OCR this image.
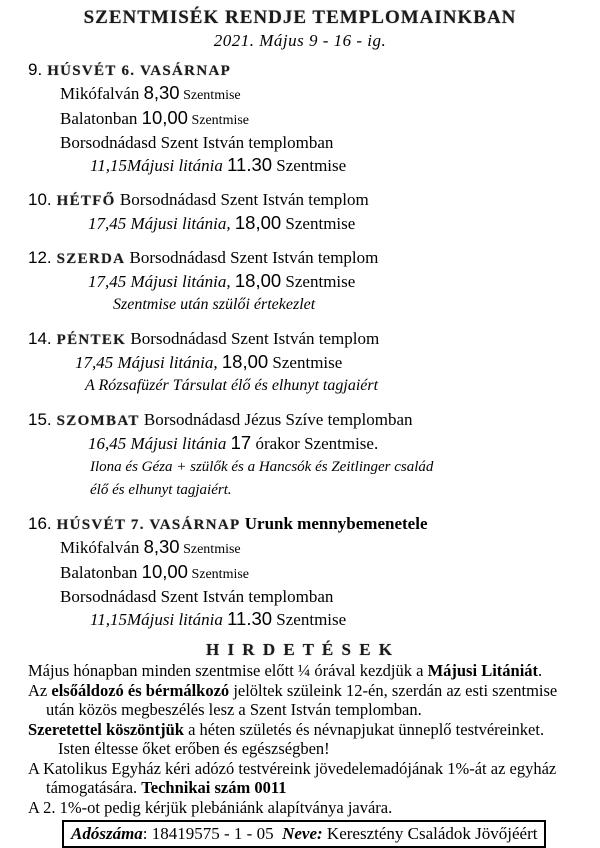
SZENTMISÉK RENDJE TEMPLOMAINKBAN
2021. Május 9 - 16 - ig.
9. HÚSVÉT 6. VASÁRNAP
Mikófalván 8,30 Szentmise
Balatonban 10,00 Szentmise
Borsodnádasd Szent István templomban
11,15Májusi litánia 11.30 Szentmise
10. HÉTFŐ Borsodnádasd Szent István templom
17,45 Májusi litánia, 18,00 Szentmise
12. SZERDA Borsodnádasd Szent István templom
17,45 Májusi litánia, 18,00 Szentmise
Szentmise után szülői értekezlet
14. PÉNTEK Borsodnádasd Szent István templom
17,45 Májusi litánia, 18,00 Szentmise
A Rózsafüzér Társulat élő és elhunyt tagjaiért
15. SZOMBAT Borsodnádasd Jézus Szíve templomban
16,45 Májusi litánia 17 órakor Szentmise.
Ilona és Géza + szülők és a Hancsók és Zeitlinger család
élő és elhunyt tagjaiért.
16. HÚSVÉT 7. VASÁRNAP Urunk mennybemenetele
Mikófalván 8,30 Szentmise
Balatonban 10,00 Szentmise
Borsodnádasd Szent István templomban
11,15Májusi litánia 11.30 Szentmise
H I R D E T É S E K
Május hónapban minden szentmise előtt ¼ órával kezdjük a Májusi Litániát.
Az elsőáldozó és bérmálkozó jelöltek szüleink 12-én, szerdán az esti szentmise
után közös megbeszélés lesz a Szent István templomban.
Szeretettel köszöntjük a héten születés és névnapjukat ünneplő testvéreinket.
Isten éltesse őket erőben és egészségben!
A Katolikus Egyház kéri adózó testvéreink jövedelemadójának 1%-át az egyház
támogatására. Technikai szám 0011
A 2. 1%-ot pedig kérjük plebániánk alapítványa javára.
Adószáma: 18419575 - 1 - 05  Neve: Keresztény Családok Jövőjéért
